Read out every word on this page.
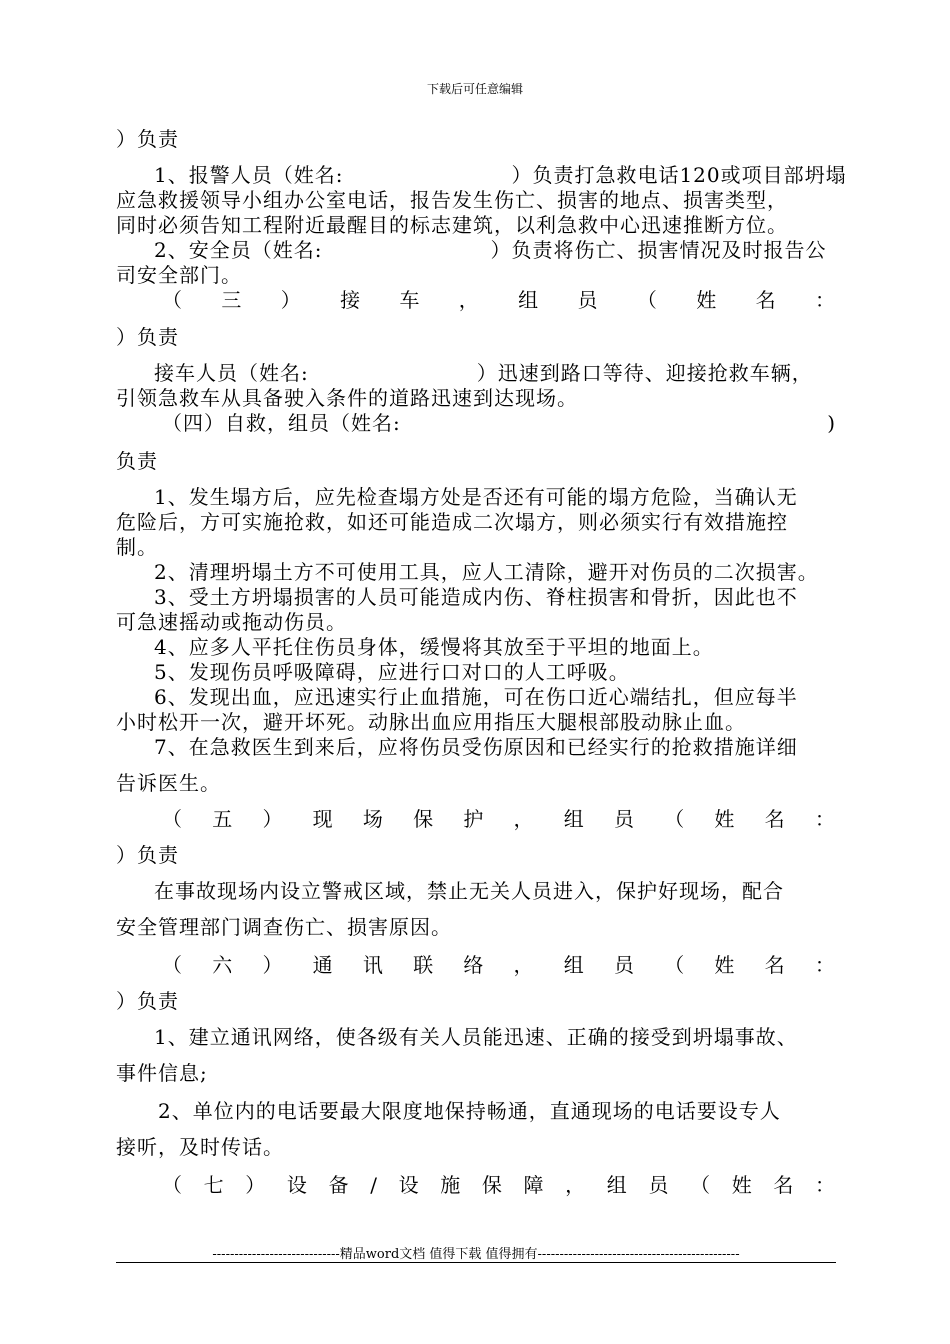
下载后可任意编辑
）负责
1、报警人员（姓名:　　　　　　　　）负责打急救电话120或项目部坍塌
应急救援领导小组办公室电话，报告发生伤亡、损害的地点、损害类型，
同时必须告知工程附近最醒目的标志建筑，以利急救中心迅速推断方位。
2、安全员（姓名:　　　　　　　　）负责将伤亡、损害情况及时报告公
司安全部门。
）负责
接车人员（姓名:　　　　　　　　）迅速到路口等待、迎接抢救车辆，
引领急救车从具备驶入条件的道路迅速到达现场。
负责
1、发生塌方后，应先检查塌方处是否还有可能的塌方危险，当确认无
危险后，方可实施抢救，如还可能造成二次塌方，则必须实行有效措施控
制。
2、清理坍塌土方不可使用工具，应人工清除，避开对伤员的二次损害。
3、受土方坍塌损害的人员可能造成内伤、脊柱损害和骨折，因此也不
可急速摇动或拖动伤员。
4、应多人平托住伤员身体，缓慢将其放至于平坦的地面上。
5、发现伤员呼吸障碍，应进行口对口的人工呼吸。
6、发现出血，应迅速实行止血措施，可在伤口近心端结扎，但应每半
小时松开一次，避开坏死。动脉出血应用指压大腿根部股动脉止血。
7、在急救医生到来后，应将伤员受伤原因和已经实行的抢救措施详细
告诉医生。
）负责
在事故现场内设立警戒区域，禁止无关人员进入，保护好现场，配合
安全管理部门调查伤亡、损害原因。
）负责
1、建立通讯网络，使各级有关人员能迅速、正确的接受到坍塌事故、
事件信息;
2、单位内的电话要最大限度地保持畅通，直通现场的电话要设专人
接听，及时传话。
（ 三 ） 接 车 ， 组 员 （ 姓 名 ：
（四）自救，组员（姓名:	)
（ 五 ） 现 场 保 护 ， 组 员 （ 姓 名 ：
（ 六 ） 通 讯 联 络 ， 组 员 （ 姓 名 ：
（ 七 ） 设 备 / 设 施 保 障 ， 组 员 （ 姓 名 ：
-----------------------------精品word文档 值得下载 值得拥有----------------------------------------------
